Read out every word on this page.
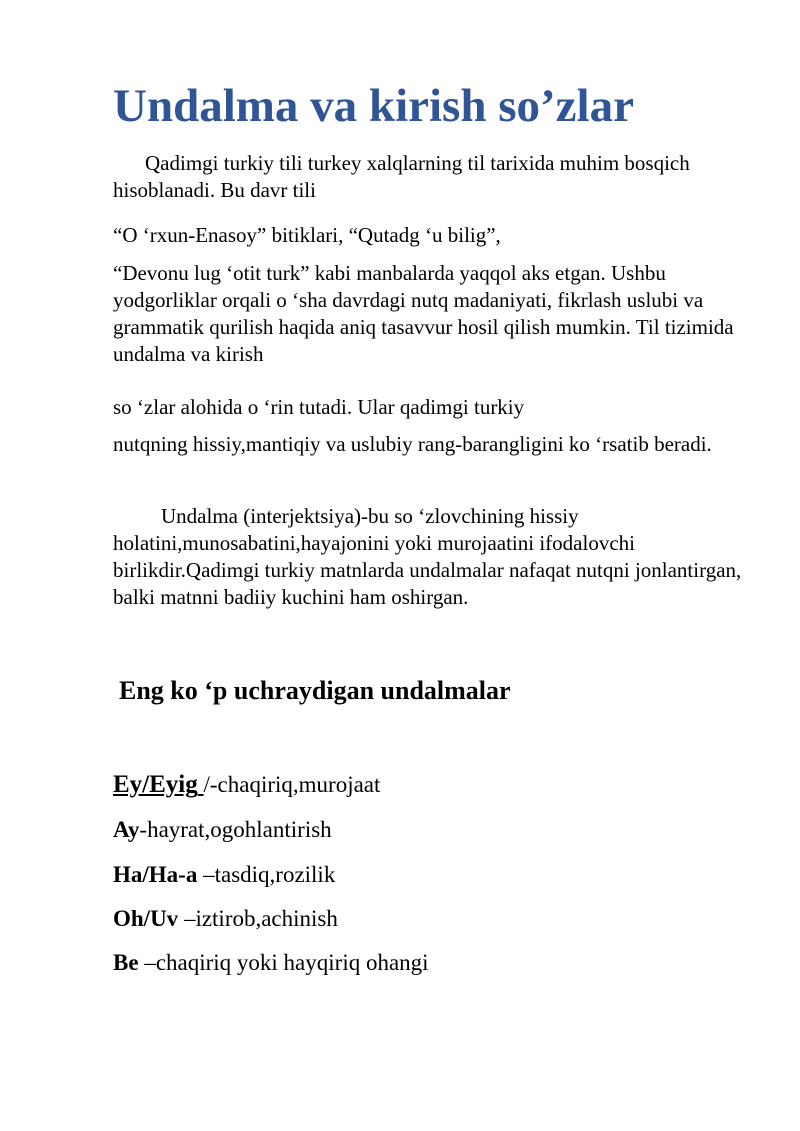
Undalma va kirish so’zlar

Qadimgi turkiy tili turkey xalqlarning til tarixida muhim bosqich hisoblanadi. Bu davr tili

“O ‘rxun-Enasoy” bitiklari, “Qutadg ‘u bilig”,

“Devonu lug ‘otit turk” kabi manbalarda yaqqol aks etgan. Ushbu yodgorliklar orqali o ‘sha davrdagi nutq madaniyati, fikrlash uslubi va grammatik qurilish haqida aniq tasavvur hosil qilish mumkin. Til tizimida undalma va kirish

so ‘zlar alohida o ‘rin tutadi. Ular qadimgi turkiy

nutqning hissiy,mantiqiy va uslubiy rang-barangligini ko ‘rsatib beradi.

Undalma (interjektsiya)-bu so ‘zlovchining hissiy holatini,munosabatini,hayajonini yoki murojaatini ifodalovchi birlikdir.Qadimgi turkiy matnlarda undalmalar nafaqat nutqni jonlantirgan, balki matnni badiiy kuchini ham oshirgan.

Eng ko ‘p uchraydigan undalmalar

Ey/Eyig /-chaqiriq,murojaat

Ay-hayrat,ogohlantirish

Ha/Ha-a –tasdiq,rozilik

Oh/Uv –iztirob,achinish

Be –chaqiriq yoki hayqiriq ohangi
